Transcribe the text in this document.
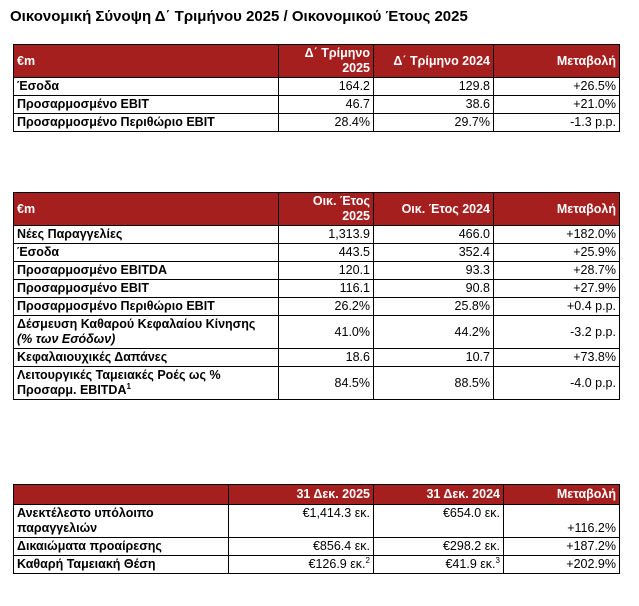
Οικονομική Σύνοψη Δ΄ Τριμήνου 2025 / Οικονομικού Έτους 2025
€m	Δ΄ Τρίμηνο 2025	Δ΄ Τρίμηνο 2024	Μεταβολή
Έσοδα	164.2	129.8	+26.5%
Προσαρμοσμένο EBIT	46.7	38.6	+21.0%
Προσαρμοσμένο Περιθώριο EBIT	28.4%	29.7%	-1.3 p.p.
€m	Οικ. Έτος 2025	Οικ. Έτος 2024	Μεταβολή
Νέες Παραγγελίες	1,313.9	466.0	+182.0%
Έσοδα	443.5	352.4	+25.9%
Προσαρμοσμένο EBITDA	120.1	93.3	+28.7%
Προσαρμοσμένο EBIT	116.1	90.8	+27.9%
Προσαρμοσμένο Περιθώριο EBIT	26.2%	25.8%	+0.4 p.p.
Δέσμευση Καθαρού Κεφαλαίου Κίνησης
(% των Εσόδων)	41.0%	44.2%	-3.2 p.p.
Κεφαλαιουχικές Δαπάνες	18.6	10.7	+73.8%
Λειτουργικές Ταμειακές Ροές ως % Προσαρμ. EBITDA$^1$	84.5%	88.5%	-4.0 p.p.
	31 Δεκ. 2025	31 Δεκ. 2024	Μεταβολή
Ανεκτέλεστο υπόλοιπο παραγγελιών	€1,414.3 εκ.	€654.0 εκ.	+116.2%
Δικαιώματα προαίρεσης	€856.4 εκ.	€298.2 εκ.	+187.2%
Καθαρή Ταμειακή Θέση	€126.9 εκ.$^2$	€41.9 εκ.$^3$	+202.9%
